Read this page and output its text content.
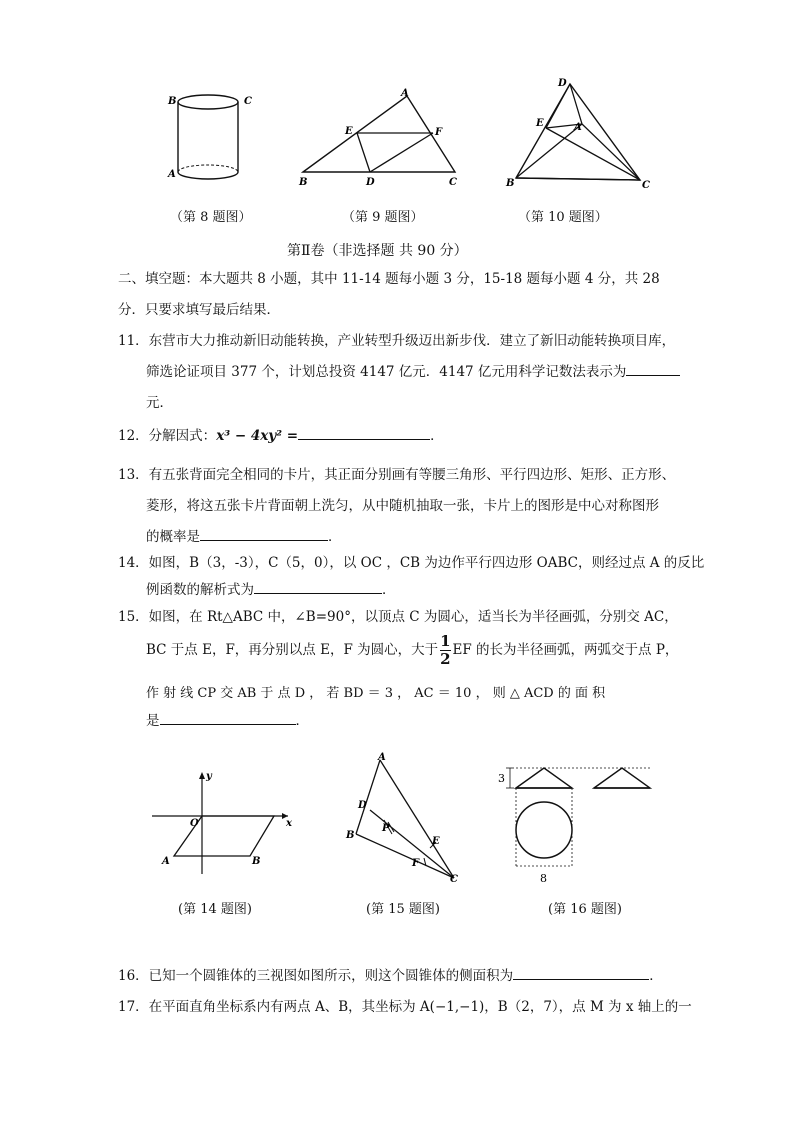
B	C
A
（第 8 题图）
A
E	F
B	D	C
（第 9 题图）
D
E	A
B	C
（第 10 题图）
第Ⅱ卷（非选择题 共 90 分）
二、填空题：本大题共 8 小题，其中 11-14 题每小题 3 分，15-18 题每小题 4 分，共 28
分．只要求填写最后结果．
11．东营市大力推动新旧动能转换，产业转型升级迈出新步伐．建立了新旧动能转换项目库，
筛选论证项目 377 个，计划总投资 4147 亿元．4147 亿元用科学记数法表示为
元．
12．分解因式：x³ − 4xy² =	．
13．有五张背面完全相同的卡片，其正面分别画有等腰三角形、平行四边形、矩形、正方形、
菱形，将这五张卡片背面朝上洗匀，从中随机抽取一张，卡片上的图形是中心对称图形
的概率是	．
14．如图，B（3，-3），C（5，0），以 OC ，CB 为边作平行四边形 OABC，则经过点 A 的反比
例函数的解析式为	．
15．如图，在 Rt△ABC 中，∠B=90°，以顶点 C 为圆心，适当长为半径画弧，分别交 AC，
BC 于点 E，F，再分别以点 E，F 为圆心，大于 $\frac{1}{2}$ EF 的长为半径画弧，两弧交于点 P，
作 射 线 CP 交 AB 于 点 D ， 若 BD ＝ 3 ， AC ＝ 10 ， 则 △ ACD 的 面 积
是	．
y
O	x
A	B
(第 14 题图)
A
D
P
E
B
F
C
(第 15 题图)
3
8
(第 16 题图)
16．已知一个圆锥体的三视图如图所示，则这个圆锥体的侧面积为	．
17．在平面直角坐标系内有两点 A、B，其坐标为 A(−1,−1)，B（2，7），点 M 为 x 轴上的一
